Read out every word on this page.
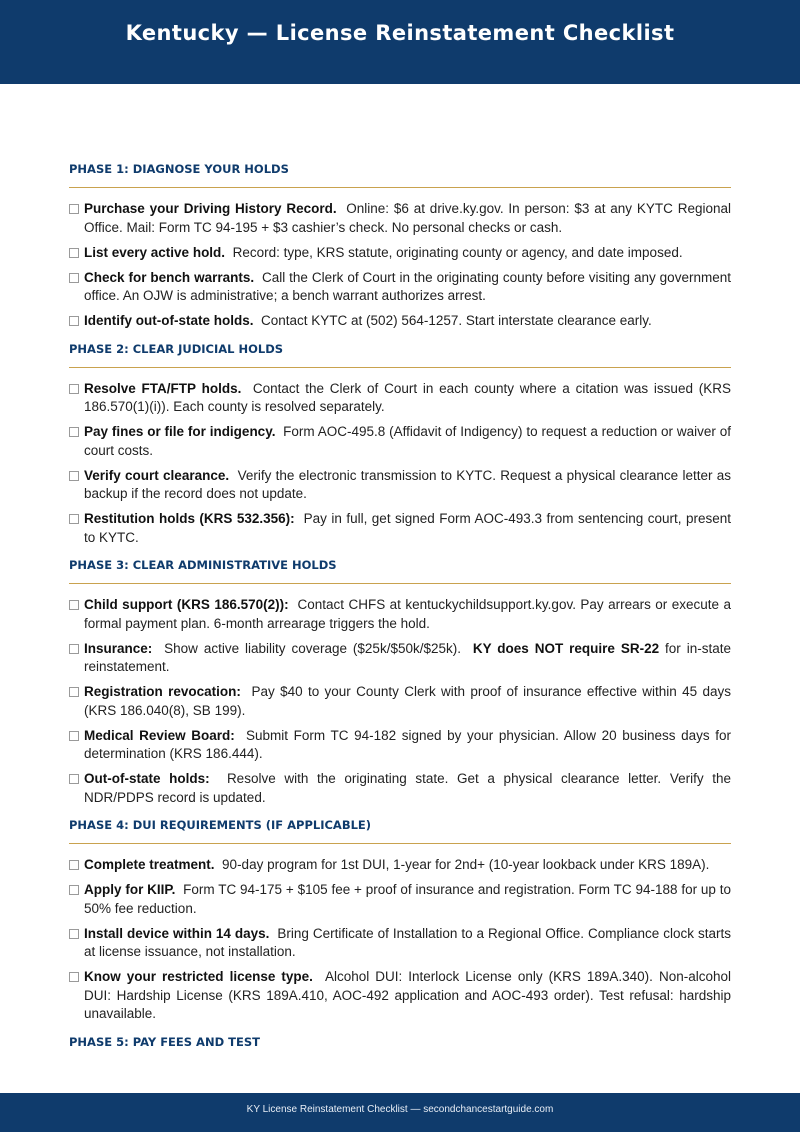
Kentucky — License Reinstatement Checklist
PHASE 1: DIAGNOSE YOUR HOLDS
Purchase your Driving History Record. Online: $6 at drive.ky.gov. In person: $3 at any KYTC Regional Office. Mail: Form TC 94-195 + $3 cashier’s check. No personal checks or cash.
List every active hold. Record: type, KRS statute, originating county or agency, and date imposed.
Check for bench warrants. Call the Clerk of Court in the originating county before visiting any government office. An OJW is administrative; a bench warrant authorizes arrest.
Identify out-of-state holds. Contact KYTC at (502) 564-1257. Start interstate clearance early.
PHASE 2: CLEAR JUDICIAL HOLDS
Resolve FTA/FTP holds. Contact the Clerk of Court in each county where a citation was issued (KRS 186.570(1)(i)). Each county is resolved separately.
Pay fines or file for indigency. Form AOC-495.8 (Affidavit of Indigency) to request a reduction or waiver of court costs.
Verify court clearance. Verify the electronic transmission to KYTC. Request a physical clearance letter as backup if the record does not update.
Restitution holds (KRS 532.356): Pay in full, get signed Form AOC-493.3 from sentencing court, present to KYTC.
PHASE 3: CLEAR ADMINISTRATIVE HOLDS
Child support (KRS 186.570(2)): Contact CHFS at kentuckychildsupport.ky.gov. Pay arrears or execute a formal payment plan. 6-month arrearage triggers the hold.
Insurance: Show active liability coverage ($25k/$50k/$25k). KY does NOT require SR-22 for in-state reinstatement.
Registration revocation: Pay $40 to your County Clerk with proof of insurance effective within 45 days (KRS 186.040(8), SB 199).
Medical Review Board: Submit Form TC 94-182 signed by your physician. Allow 20 business days for determination (KRS 186.444).
Out-of-state holds: Resolve with the originating state. Get a physical clearance letter. Verify the NDR/PDPS record is updated.
PHASE 4: DUI REQUIREMENTS (IF APPLICABLE)
Complete treatment. 90-day program for 1st DUI, 1-year for 2nd+ (10-year lookback under KRS 189A).
Apply for KIIP. Form TC 94-175 + $105 fee + proof of insurance and registration. Form TC 94-188 for up to 50% fee reduction.
Install device within 14 days. Bring Certificate of Installation to a Regional Office. Compliance clock starts at license issuance, not installation.
Know your restricted license type. Alcohol DUI: Interlock License only (KRS 189A.340). Non-alcohol DUI: Hardship License (KRS 189A.410, AOC-492 application and AOC-493 order). Test refusal: hardship unavailable.
PHASE 5: PAY FEES AND TEST
KY License Reinstatement Checklist — secondchancestartguide.com
